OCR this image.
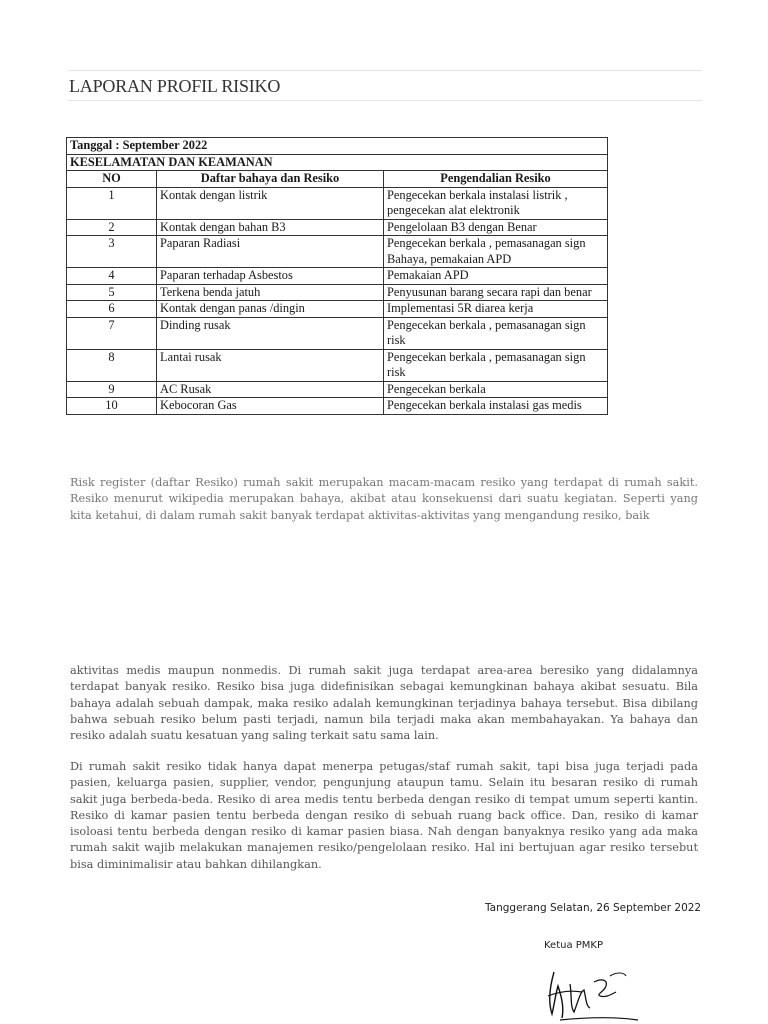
LAPORAN PROFIL RISIKO
Tanggal : September 2022		
KESELAMATAN DAN KEAMANAN		
NO	Daftar bahaya dan Resiko	Pengendalian Resiko
1	Kontak dengan listrik	Pengecekan berkala instalasi listrik , pengecekan alat elektronik
2	Kontak dengan bahan B3	Pengelolaan B3 dengan Benar
3	Paparan Radiasi	Pengecekan berkala , pemasanagan sign Bahaya, pemakaian APD
4	Paparan terhadap Asbestos	Pemakaian APD
5	Terkena benda jatuh	Penyusunan barang secara rapi dan benar
6	Kontak dengan panas /dingin	Implementasi 5R diarea kerja
7	Dinding rusak	Pengecekan berkala , pemasanagan sign risk
8	Lantai rusak	Pengecekan berkala , pemasanagan sign risk
9	AC Rusak	Pengecekan berkala
10	Kebocoran Gas	Pengecekan berkala instalasi gas medis

Risk register (daftar Resiko) rumah sakit merupakan macam-macam resiko yang terdapat di rumah sakit. Resiko menurut wikipedia merupakan bahaya, akibat atau konsekuensi dari suatu kegiatan. Seperti yang kita ketahui, di dalam rumah sakit banyak terdapat aktivitas-aktivitas yang mengandung resiko, baik

aktivitas medis maupun nonmedis. Di rumah sakit juga terdapat area-area beresiko yang didalamnya terdapat banyak resiko. Resiko bisa juga didefinisikan sebagai kemungkinan bahaya akibat sesuatu. Bila bahaya adalah sebuah dampak, maka resiko adalah kemungkinan terjadinya bahaya tersebut. Bisa dibilang bahwa sebuah resiko belum pasti terjadi, namun bila terjadi maka akan membahayakan. Ya bahaya dan resiko adalah suatu kesatuan yang saling terkait satu sama lain.

Di rumah sakit resiko tidak hanya dapat menerpa petugas/staf rumah sakit, tapi bisa juga terjadi pada pasien, keluarga pasien, supplier, vendor, pengunjung ataupun tamu. Selain itu besaran resiko di rumah sakit juga berbeda-beda. Resiko di area medis tentu berbeda dengan resiko di tempat umum seperti kantin. Resiko di kamar pasien tentu berbeda dengan resiko di sebuah ruang back office. Dan, resiko di kamar isoloasi tentu berbeda dengan resiko di kamar pasien biasa. Nah dengan banyaknya resiko yang ada maka rumah sakit wajib melakukan manajemen resiko/pengelolaan resiko. Hal ini bertujuan agar resiko tersebut bisa diminimalisir atau bahkan dihilangkan.

Tanggerang Selatan, 26 September 2022
Ketua PMKP
